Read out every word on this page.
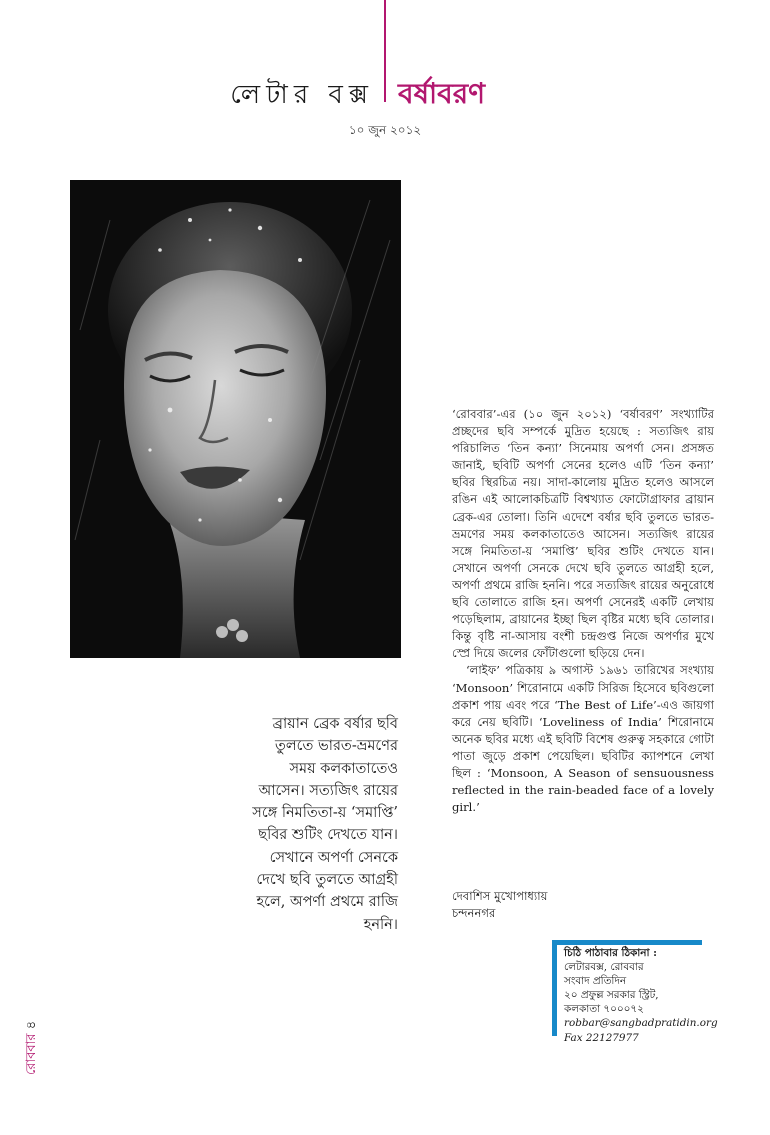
লেটার বক্স বর্ষাবরণ
১০ জুন ২০১২
ব্রায়ান ব্রেক বর্ষার ছবি
তুলতে ভারত-ভ্রমণের
সময় কলকাতাতেও
আসেন। সত্যজিৎ রায়ের
সঙ্গে নিমতিতা-য় ‘সমাপ্তি’
ছবির শুটিং দেখতে যান।
সেখানে অপর্ণা সেনকে
দেখে ছবি তুলতে আগ্রহী
হলে, অপর্ণা প্রথমে রাজি
হননি।

‘রোববার’-এর (১০ জুন ২০১২) ‘বর্ষাবরণ’ সংখ্যাটির প্রচ্ছদের ছবি সম্পর্কে মুদ্রিত হয়েছে : সত্যজিৎ রায় পরিচালিত ‘তিন কন্যা’ সিনেমায় অপর্ণা সেন। প্রসঙ্গত জানাই, ছবিটি অপর্ণা সেনের হলেও এটি ‘তিন কন্যা’ ছবির স্থিরচিত্র নয়। সাদা-কালোয় মুদ্রিত হলেও আসলে রঙিন এই আলোকচিত্রটি বিশ্বখ্যাত ফোটোগ্রাফার ব্রায়ান ব্রেক-এর তোলা। তিনি এদেশে বর্ষার ছবি তুলতে ভারত-ভ্রমণের সময় কলকাতাতেও আসেন। সত্যজিৎ রায়ের সঙ্গে নিমতিতা-য় ‘সমাপ্তি’ ছবির শুটিং দেখতে যান। সেখানে অপর্ণা সেনকে দেখে ছবি তুলতে আগ্রহী হলে, অপর্ণা প্রথমে রাজি হননি। পরে সত্যজিৎ রায়ের অনুরোধে ছবি তোলাতে রাজি হন। অপর্ণা সেনেরই একটি লেখায় পড়েছিলাম, ব্রায়ানের ইচ্ছা ছিল বৃষ্টির মধ্যে ছবি তোলার। কিন্তু বৃষ্টি না-আসায় বংশী চন্দ্রগুপ্ত নিজে অপর্ণার মুখে স্প্রে দিয়ে জলের ফোঁটাগুলো ছড়িয়ে দেন।

‘লাইফ’ পত্রিকায় ৯ অগাস্ট ১৯৬১ তারিখের সংখ্যায় ‘Monsoon’ শিরোনামে একটি সিরিজ হিসেবে ছবিগুলো প্রকাশ পায় এবং পরে ‘The Best of Life’-এও জায়গা করে নেয় ছবিটি। ‘Loveliness of India’ শিরোনামে অনেক ছবির মধ্যে এই ছবিটি বিশেষ গুরুত্ব সহকারে গোটা পাতা জুড়ে প্রকাশ পেয়েছিল। ছবিটির ক্যাপশনে লেখা ছিল : ‘Monsoon, A Season of sensuousness reflected in the rain-beaded face of a lovely girl.’

দেবাশিস মুখোপাধ্যায়
চন্দননগর
চিঠি পাঠাবার ঠিকানা :
লেটারবক্স, রোববার
সংবাদ প্রতিদিন
২০ প্রফুল্ল সরকার স্ট্রিট,
কলকাতা ৭০০০৭২
robbar@sangbadpratidin.org
Fax 22127977
রোববার ৪
